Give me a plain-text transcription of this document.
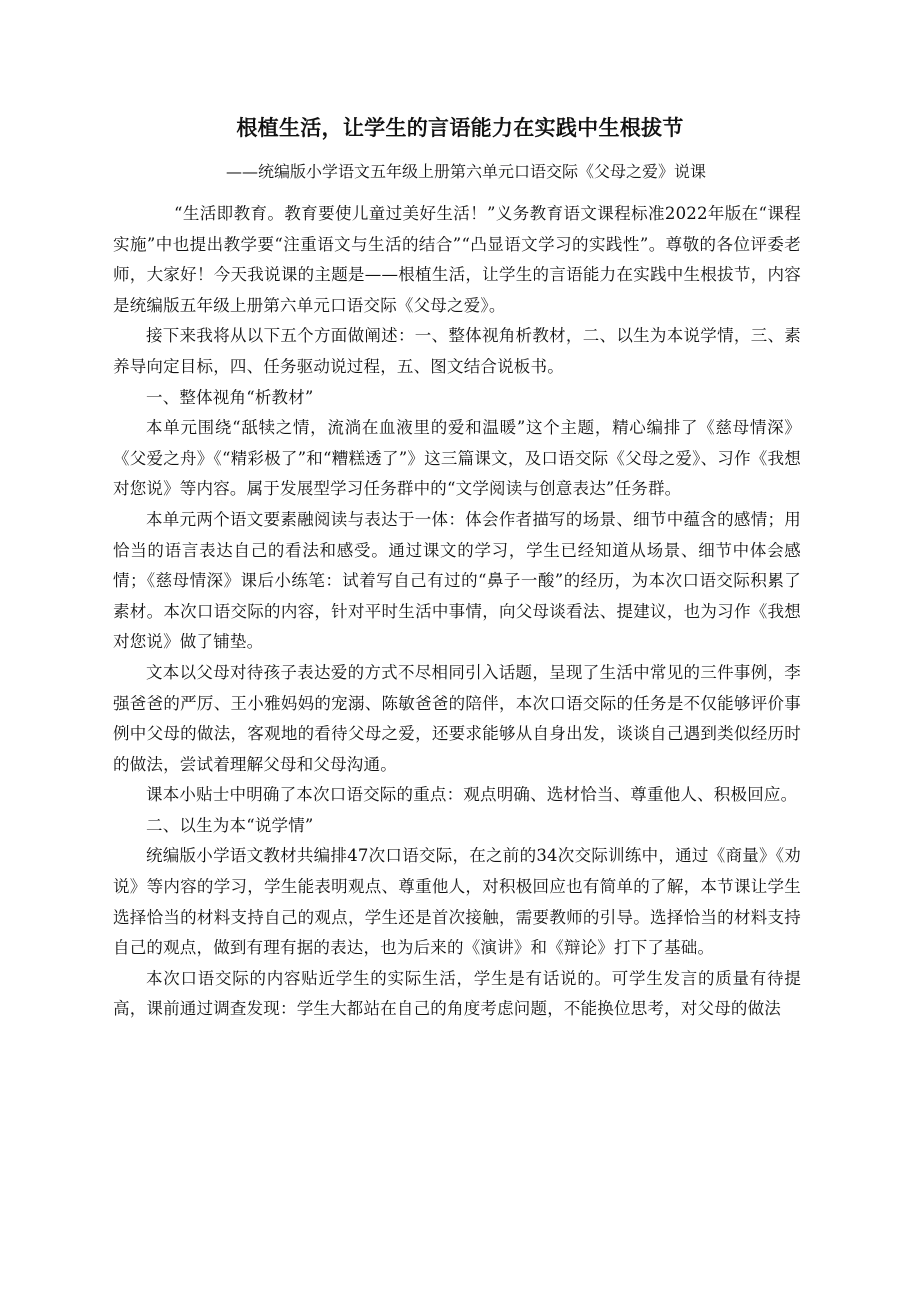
根植生活，让学生的言语能力在实践中生根拔节

——统编版小学语文五年级上册第六单元口语交际《父母之爱》说课

“生活即教育。教育要使儿童过美好生活！”义务教育语文课程标准2022年版在“课程实施”中也提出教学要“注重语文与生活的结合”“凸显语文学习的实践性”。尊敬的各位评委老师，大家好！今天我说课的主题是——根植生活，让学生的言语能力在实践中生根拔节，内容是统编版五年级上册第六单元口语交际《父母之爱》。

接下来我将从以下五个方面做阐述：一、整体视角析教材，二、以生为本说学情，三、素养导向定目标，四、任务驱动说过程，五、图文结合说板书。

一、整体视角“析教材”

本单元围绕“舐犊之情，流淌在血液里的爱和温暖”这个主题，精心编排了《慈母情深》《父爱之舟》《“精彩极了”和“糟糕透了”》这三篇课文，及口语交际《父母之爱》、习作《我想对您说》等内容。属于发展型学习任务群中的“文学阅读与创意表达”任务群。

本单元两个语文要素融阅读与表达于一体：体会作者描写的场景、细节中蕴含的感情；用恰当的语言表达自己的看法和感受。通过课文的学习，学生已经知道从场景、细节中体会感情；《慈母情深》课后小练笔：试着写自己有过的“鼻子一酸”的经历，为本次口语交际积累了素材。本次口语交际的内容，针对平时生活中事情，向父母谈看法、提建议，也为习作《我想对您说》做了铺垫。

文本以父母对待孩子表达爱的方式不尽相同引入话题，呈现了生活中常见的三件事例，李强爸爸的严厉、王小雅妈妈的宠溺、陈敏爸爸的陪伴，本次口语交际的任务是不仅能够评价事例中父母的做法，客观地的看待父母之爱，还要求能够从自身出发，谈谈自己遇到类似经历时的做法，尝试着理解父母和父母沟通。

课本小贴士中明确了本次口语交际的重点：观点明确、选材恰当、尊重他人、积极回应。

二、以生为本“说学情”

统编版小学语文教材共编排47次口语交际，在之前的34次交际训练中，通过《商量》《劝说》等内容的学习，学生能表明观点、尊重他人，对积极回应也有简单的了解，本节课让学生选择恰当的材料支持自己的观点，学生还是首次接触，需要教师的引导。选择恰当的材料支持自己的观点，做到有理有据的表达，也为后来的《演讲》和《辩论》打下了基础。

本次口语交际的内容贴近学生的实际生活，学生是有话说的。可学生发言的质量有待提高，课前通过调查发现：学生大都站在自己的角度考虑问题，不能换位思考，对父母的做法
